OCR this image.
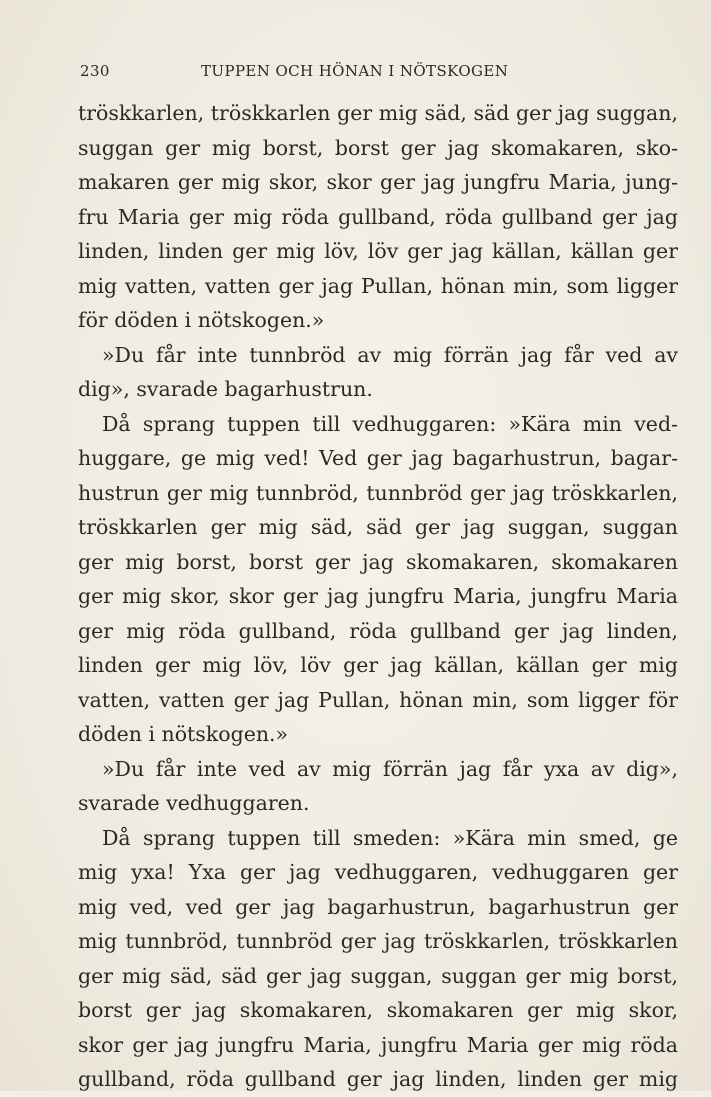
230	TUPPEN OCH HÖNAN I NÖTSKOGEN
tröskkarlen, tröskkarlen ger mig säd, säd ger jag suggan,
suggan ger mig borst, borst ger jag skomakaren, sko-
makaren ger mig skor, skor ger jag jungfru Maria, jung-
fru Maria ger mig röda gullband, röda gullband ger jag
linden, linden ger mig löv, löv ger jag källan, källan ger
mig vatten, vatten ger jag Pullan, hönan min, som ligger
för döden i nötskogen.»
»Du får inte tunnbröd av mig förrän jag får ved av
dig», svarade bagarhustrun.
Då sprang tuppen till vedhuggaren: »Kära min ved-
huggare, ge mig ved! Ved ger jag bagarhustrun, bagar-
hustrun ger mig tunnbröd, tunnbröd ger jag tröskkarlen,
tröskkarlen ger mig säd, säd ger jag suggan, suggan
ger mig borst, borst ger jag skomakaren, skomakaren
ger mig skor, skor ger jag jungfru Maria, jungfru Maria
ger mig röda gullband, röda gullband ger jag linden,
linden ger mig löv, löv ger jag källan, källan ger mig
vatten, vatten ger jag Pullan, hönan min, som ligger för
döden i nötskogen.»
»Du får inte ved av mig förrän jag får yxa av dig»,
svarade vedhuggaren.
Då sprang tuppen till smeden: »Kära min smed, ge
mig yxa! Yxa ger jag vedhuggaren, vedhuggaren ger
mig ved, ved ger jag bagarhustrun, bagarhustrun ger
mig tunnbröd, tunnbröd ger jag tröskkarlen, tröskkarlen
ger mig säd, säd ger jag suggan, suggan ger mig borst,
borst ger jag skomakaren, skomakaren ger mig skor,
skor ger jag jungfru Maria, jungfru Maria ger mig röda
gullband, röda gullband ger jag linden, linden ger mig
